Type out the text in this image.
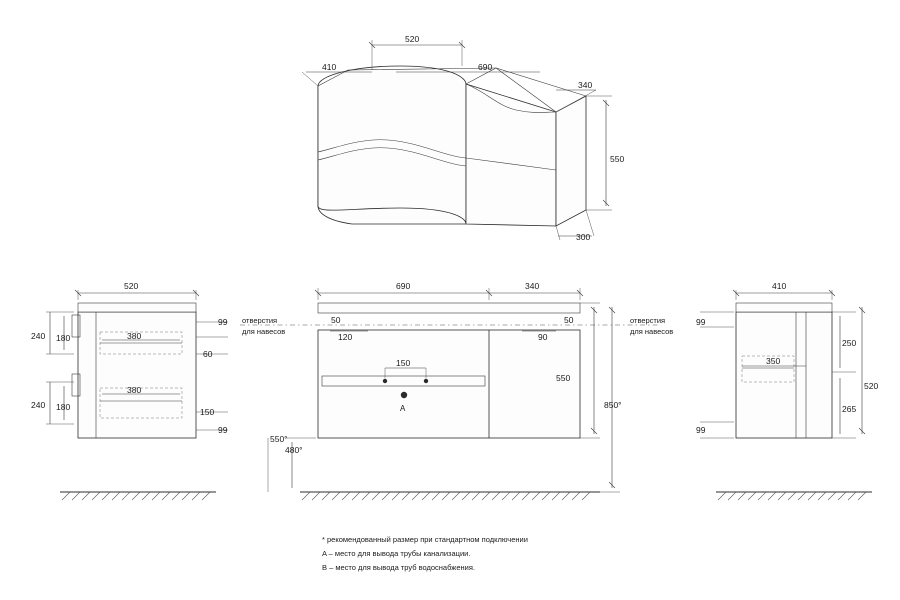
520
410	690
340
550
300
520
99
60
150
99
240 180
240 180
380
380
550°
A
690	340
50
120	90
50
150
550
850°
480°
отверстия
для навесов
отверстия
для навесов
410
99
99
250
265
520
350
* рекомендованный размер при стандартном подключении
A – место для вывода трубы канализации.
B – место для вывода труб водоснабжения.
